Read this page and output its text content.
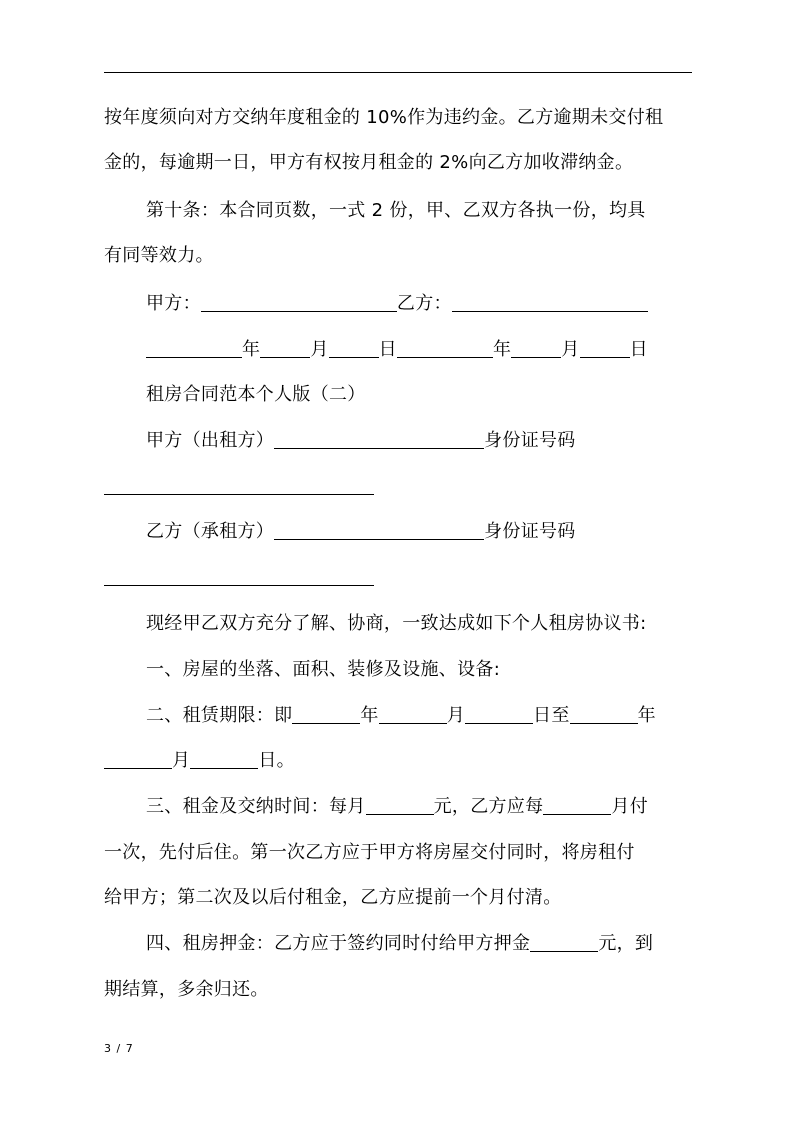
按年度须向对方交纳年度租金的 10%作为违约金。乙方逾期未交付租
金的，每逾期一日，甲方有权按月租金的 2%向乙方加收滞纳金。
第十条：本合同页数，一式 2 份，甲、乙双方各执一份，均具
有同等效力。
甲方：	乙方：
年	月	日	年	月	日
租房合同范本个人版（二）
甲方（出租方）	身份证号码
乙方（承租方）	身份证号码
现经甲乙双方充分了解、协商，一致达成如下个人租房协议书:
一、房屋的坐落、面积、装修及设施、设备:
二、租赁期限：即	年	月	日至	年
月	日。
三、租金及交纳时间：每月	元，乙方应每	月付
一次，先付后住。第一次乙方应于甲方将房屋交付同时，将房租付
给甲方；第二次及以后付租金，乙方应提前一个月付清。
四、租房押金：乙方应于签约同时付给甲方押金	元，到
期结算，多余归还。
3 / 7
